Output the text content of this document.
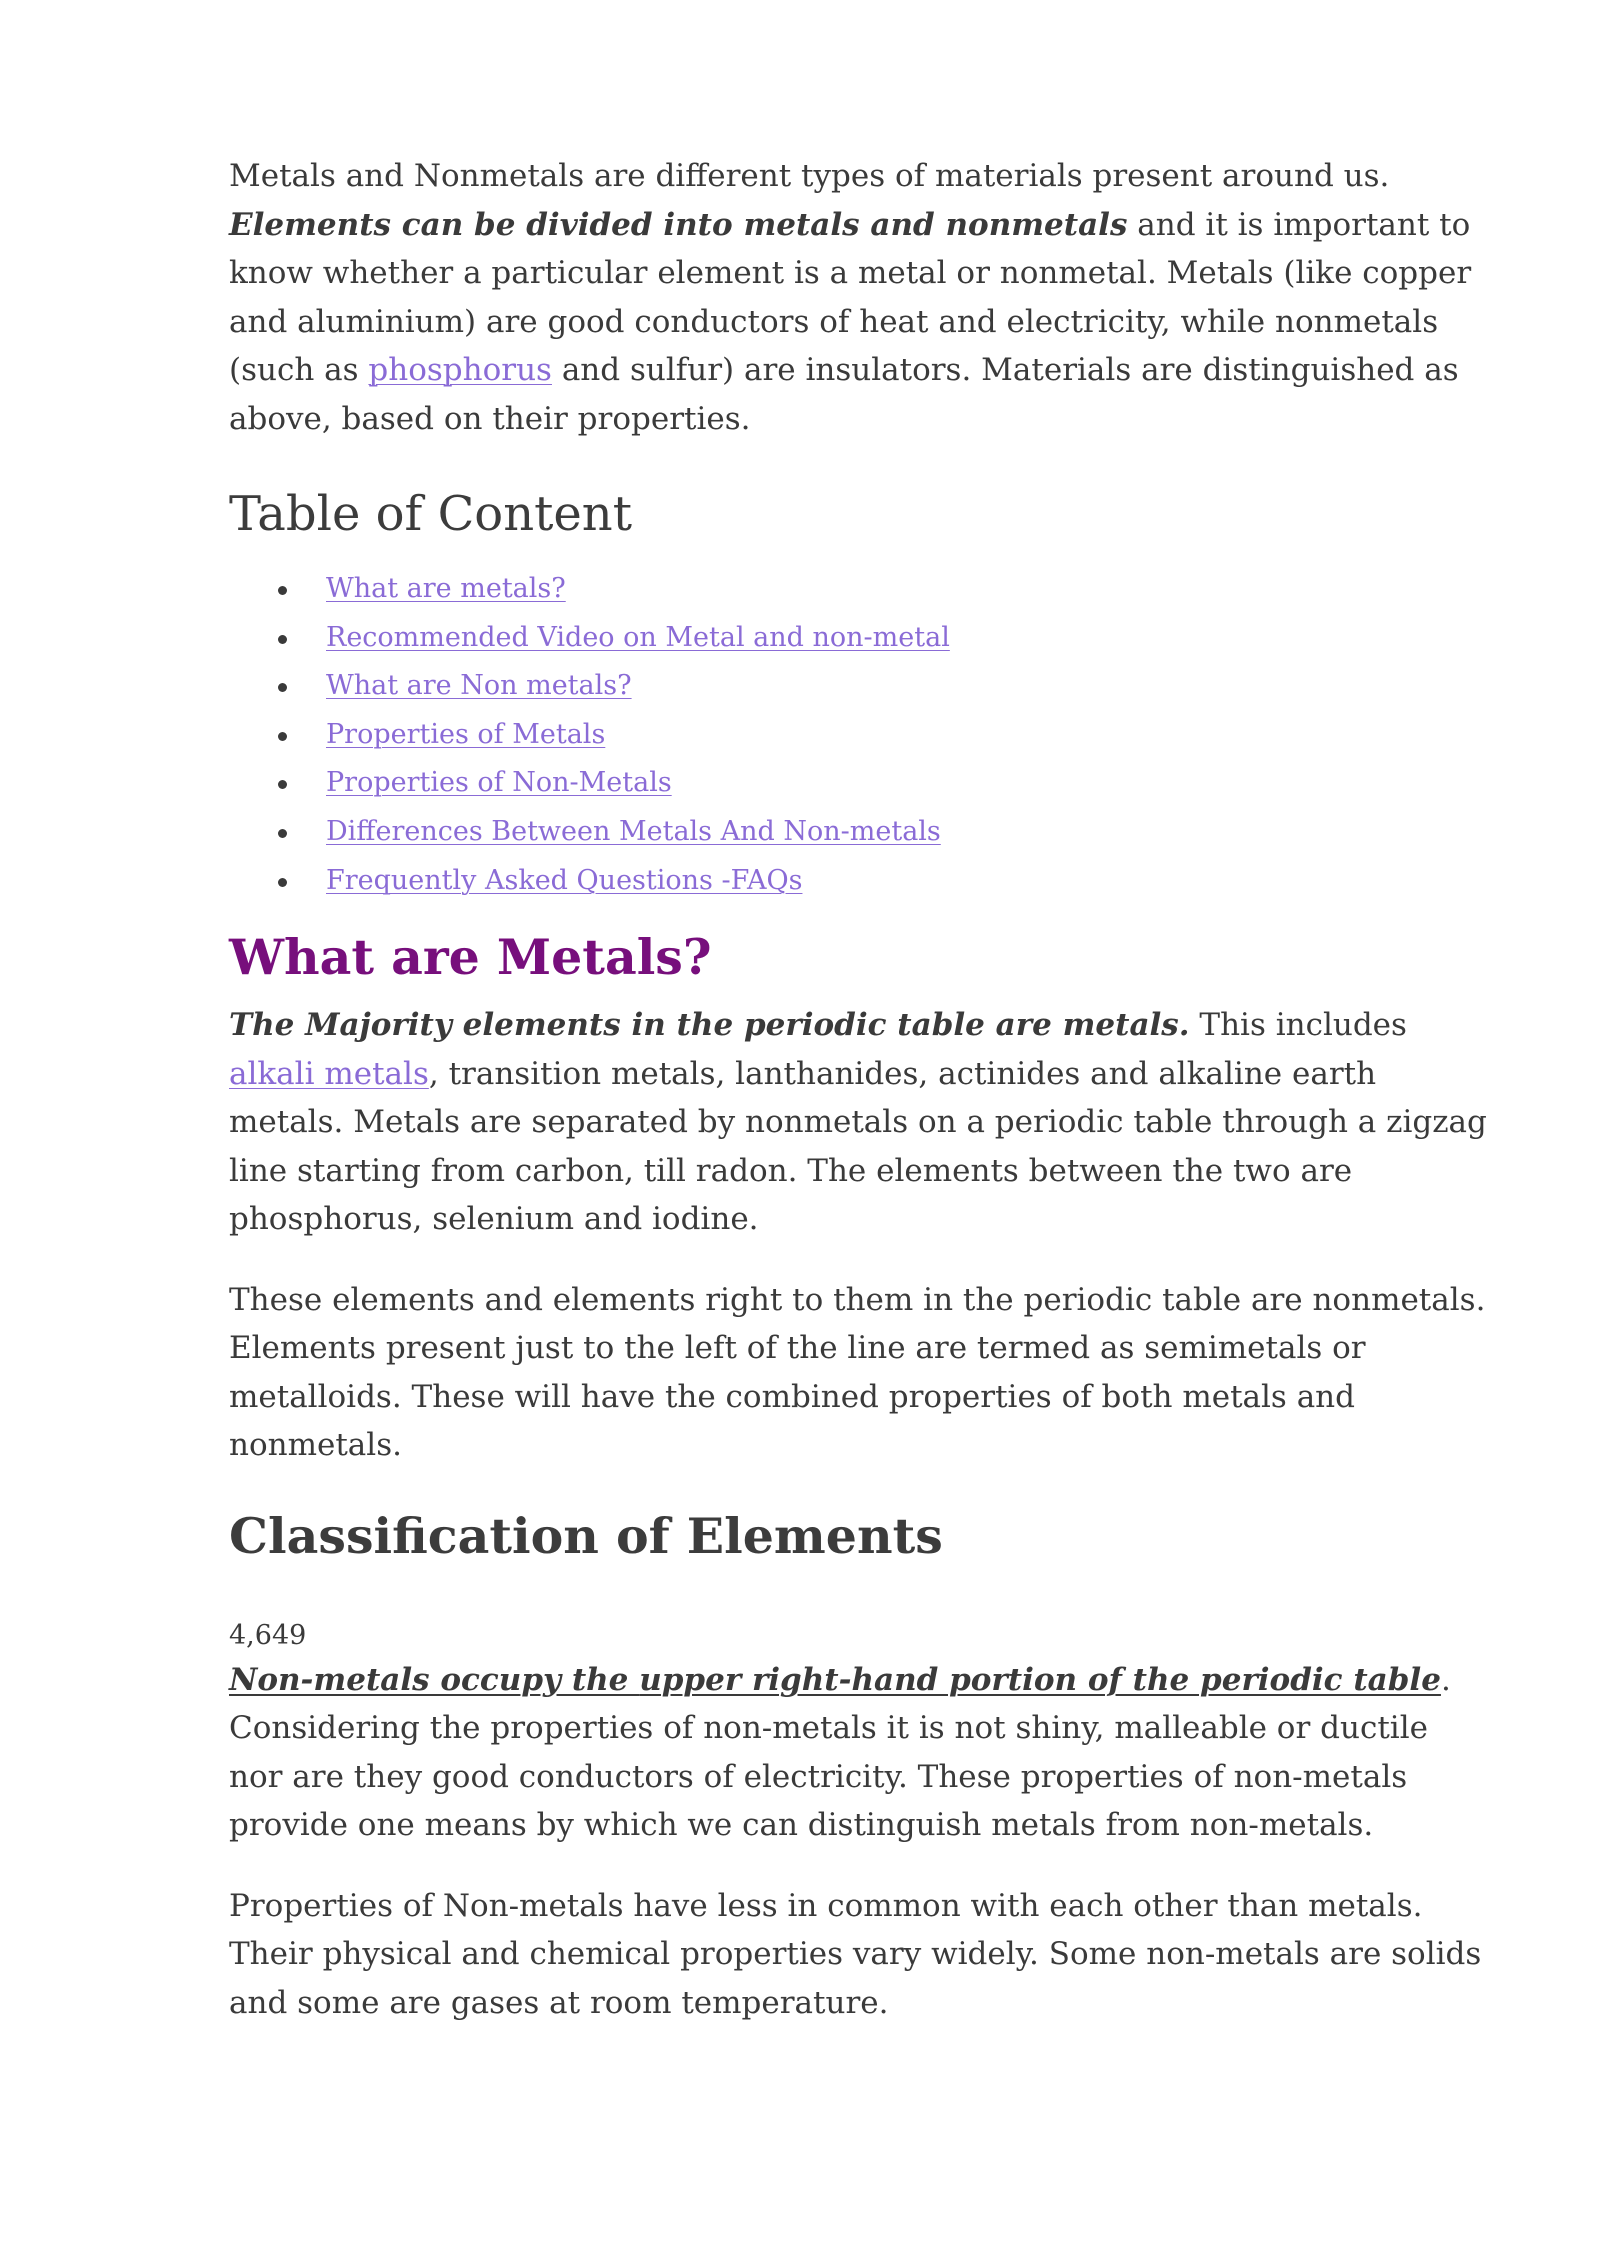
Metals and Nonmetals are different types of materials present around us. Elements can be divided into metals and nonmetals and it is important to know whether a particular element is a metal or nonmetal. Metals (like copper and aluminium) are good conductors of heat and electricity, while nonmetals (such as phosphorus and sulfur) are insulators. Materials are distinguished as above, based on their properties.

Table of Content
What are metals?
Recommended Video on Metal and non-metal
What are Non metals?
Properties of Metals
Properties of Non-Metals
Differences Between Metals And Non-metals
Frequently Asked Questions -FAQs
What are Metals?

The Majority elements in the periodic table are metals. This includes alkali metals, transition metals, lanthanides, actinides and alkaline earth metals. Metals are separated by nonmetals on a periodic table through a zigzag line starting from carbon, till radon. The elements between the two are phosphorus, selenium and iodine.

These elements and elements right to them in the periodic table are nonmetals. Elements present just to the left of the line are termed as semimetals or metalloids. These will have the combined properties of both metals and nonmetals.

Classification of Elements
4,649

Non-metals occupy the upper right-hand portion of the periodic table. Considering the properties of non-metals it is not shiny, malleable or ductile nor are they good conductors of electricity. These properties of non-metals provide one means by which we can distinguish metals from non-metals.

Properties of Non-metals have less in common with each other than metals. Their physical and chemical properties vary widely. Some non-metals are solids and some are gases at room temperature.
